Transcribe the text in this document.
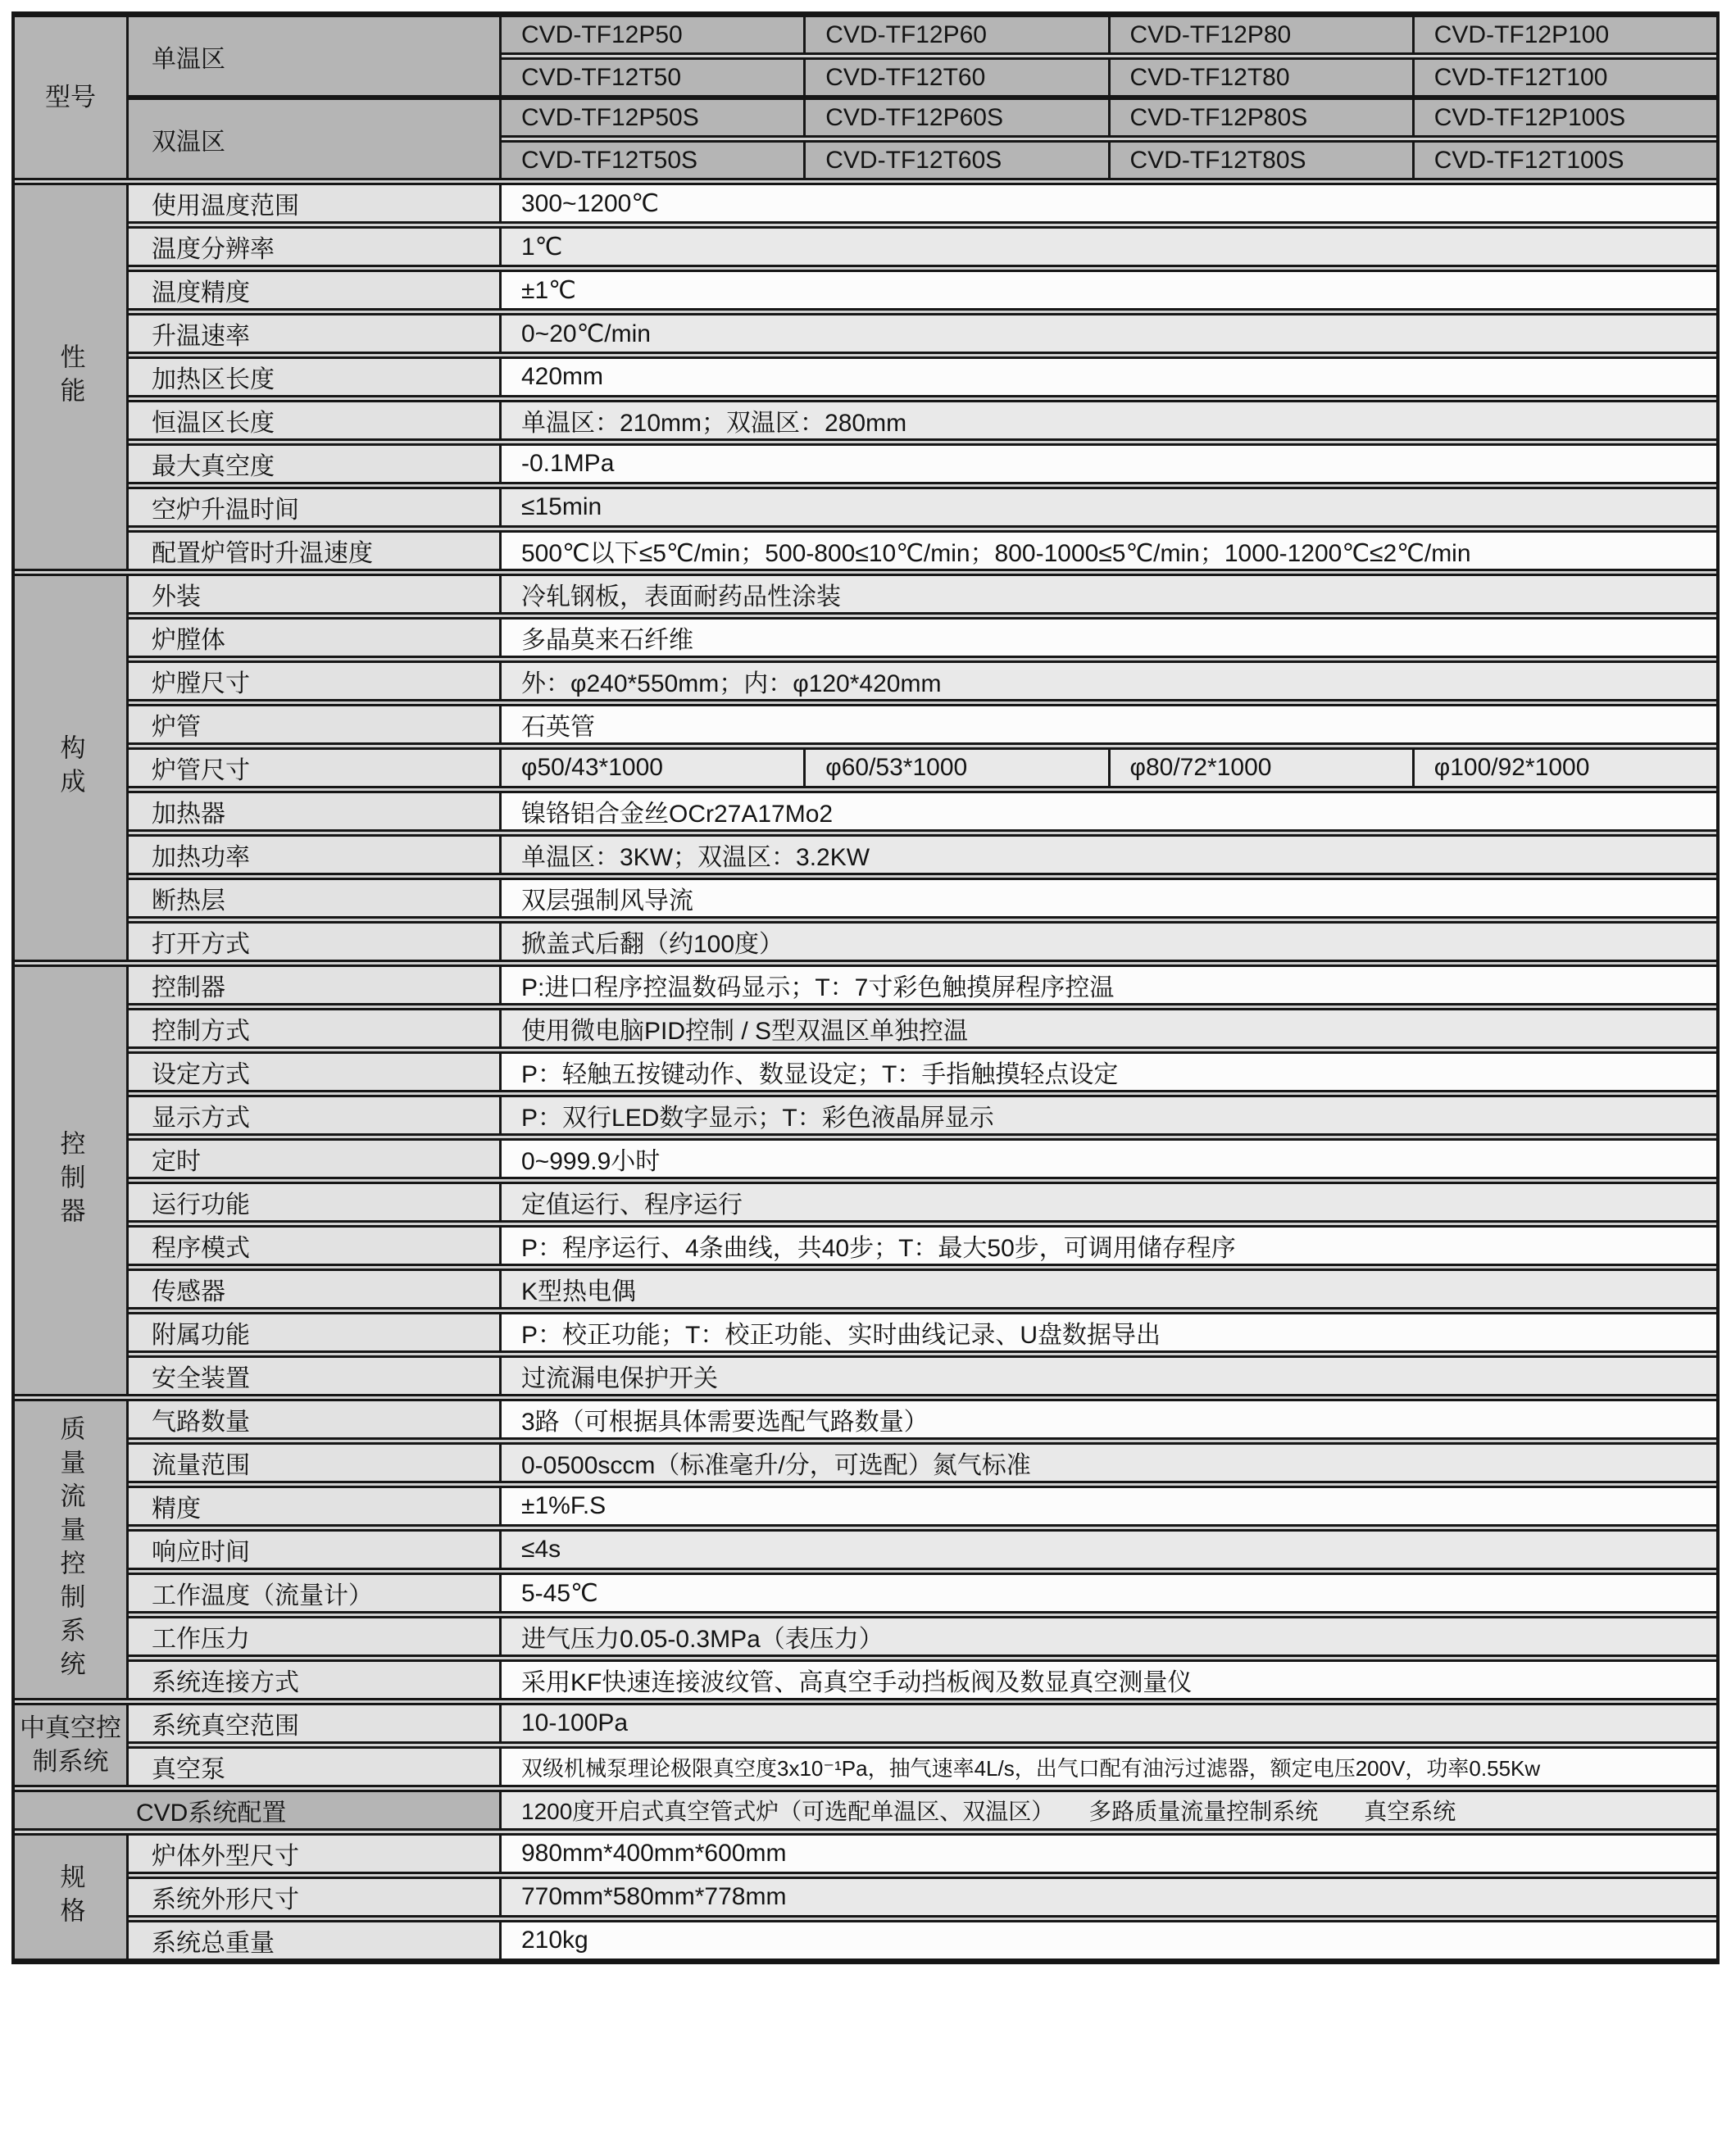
型号
单温区
CVD-TF12P50	CVD-TF12P60	CVD-TF12P80	CVD-TF12P100
CVD-TF12T50	CVD-TF12T60	CVD-TF12T80	CVD-TF12T100
双温区
CVD-TF12P50S	CVD-TF12P60S	CVD-TF12P80S	CVD-TF12P100S
CVD-TF12T50S	CVD-TF12T60S	CVD-TF12T80S	CVD-TF12T100S
性能
使用温度范围	300~1200℃
温度分辨率	1℃
温度精度	±1℃
升温速率	0~20℃/min
加热区长度	420mm
恒温区长度	单温区：210mm；双温区：280mm
最大真空度	-0.1MPa
空炉升温时间	≤15min
配置炉管时升温速度	500℃以下≤5℃/min；500-800≤10℃/min；800-1000≤5℃/min；1000-1200℃≤2℃/min
构成
外装	冷轧钢板，表面耐药品性涂装
炉膛体	多晶莫来石纤维
炉膛尺寸	外：φ240*550mm；内：φ120*420mm
炉管	石英管
炉管尺寸	φ50/43*1000	φ60/53*1000	φ80/72*1000	φ100/92*1000
加热器	镍铬铝合金丝OCr27A17Mo2
加热功率	单温区：3KW；双温区：3.2KW
断热层	双层强制风导流
打开方式	掀盖式后翻（约100度）
控制器
控制器	P:进口程序控温数码显示；T：7寸彩色触摸屏程序控温
控制方式	使用微电脑PID控制 / S型双温区单独控温
设定方式	P：轻触五按键动作、数显设定；T：手指触摸轻点设定
显示方式	P：双行LED数字显示；T：彩色液晶屏显示
定时	0~999.9小时
运行功能	定值运行、程序运行
程序模式	P：程序运行、4条曲线，共40步；T：最大50步，可调用储存程序
传感器	K型热电偶
附属功能	P：校正功能；T：校正功能、实时曲线记录、U盘数据导出
安全装置	过流漏电保护开关
质量流量控制系统	气路数量	3路（可根据具体需要选配气路数量）
流量范围	0-0500sccm（标准毫升/分，可选配）氮气标准
精度	±1%F.S
响应时间	≤4s
工作温度（流量计）	5-45℃
工作压力	进气压力0.05-0.3MPa（表压力）
系统连接方式	采用KF快速连接波纹管、高真空手动挡板阀及数显真空测量仪
中真空控制系统
系统真空范围	10-100Pa
真空泵	双级机械泵理论极限真空度3x10⁻¹Pa，抽气速率4L/s，出气口配有油污过滤器，额定电压200V，功率0.55Kw
CVD系统配置	1200度开启式真空管式炉（可选配单温区、双温区）　　多路质量流量控制系统　　真空系统
规格
炉体外型尺寸	980mm*400mm*600mm
系统外形尺寸	770mm*580mm*778mm
系统总重量	210kg
